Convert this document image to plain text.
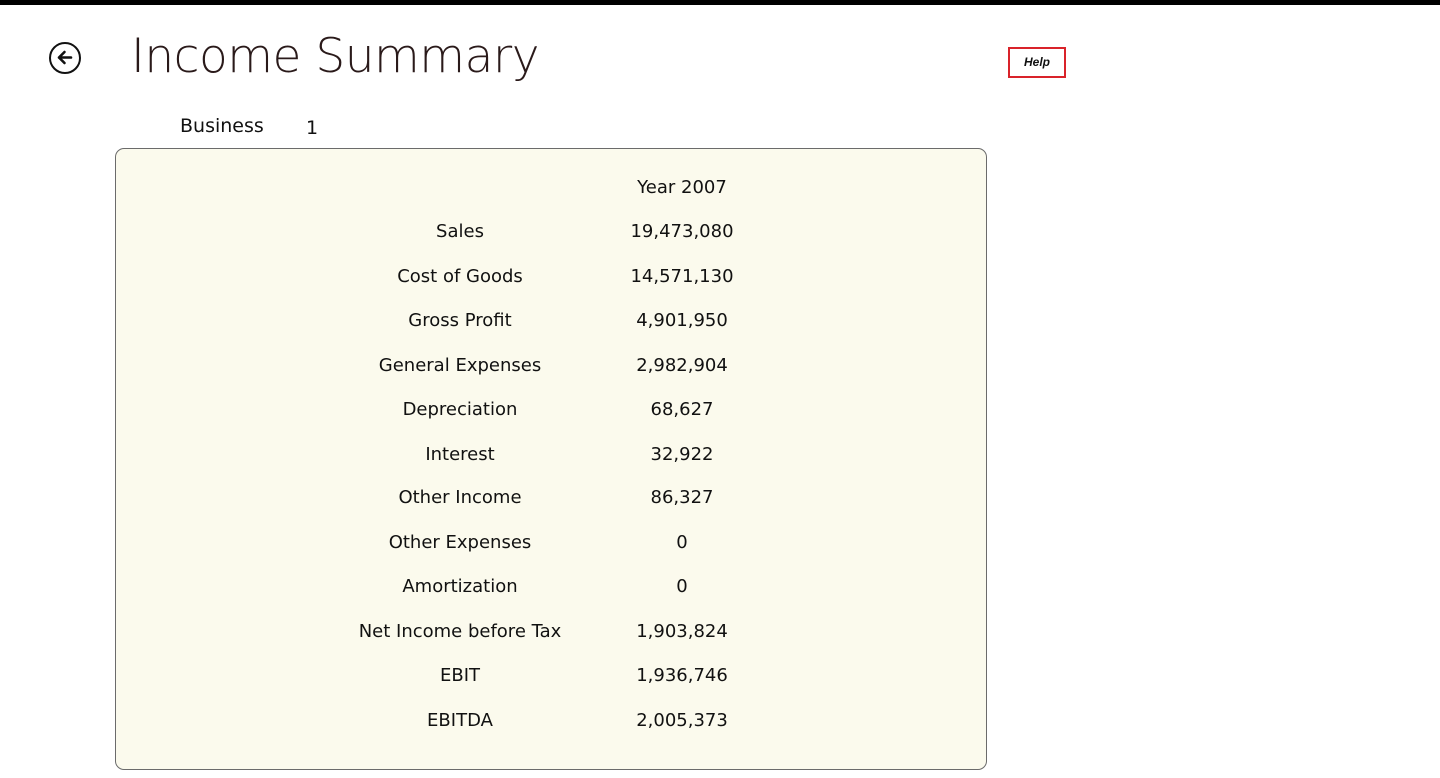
Income Summary	Help
Business 1
Year 2007
Sales	19,473,080
Cost of Goods	14,571,130
Gross Profit	4,901,950
General Expenses	2,982,904
Depreciation	68,627
Interest	32,922
Other Income	86,327
Other Expenses	0
Amortization	0
Net Income before Tax	1,903,824
EBIT	1,936,746
EBITDA	2,005,373
